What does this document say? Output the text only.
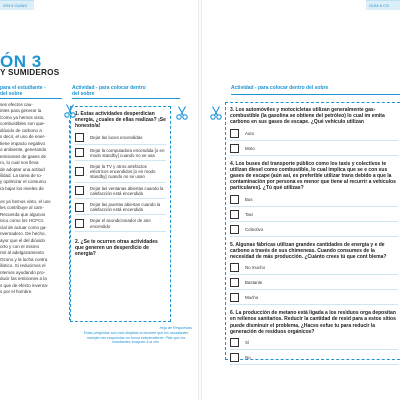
IÓN 5 GUÍAS
ÓN 3
Y SUMIDEROS
para el estudiante -
del sobre
ses efectos cau-
intes para generar la
Como ya hemos visto,
combustibles son que-
dióxido de carbono a
s decir, el uso de ener-
tiene impacto negativo
o ambiente, generando
emisiones de gases de
ro, lo cual nos lleva
de adoptar una actitud
ilidad. La tarea de to-
y optimizar el consumo
ra bajar los niveles de

os ya hemos visto, el uso
les contribuye al cam-
Recuerda que algunos
nico como los HCFCs
cial de actuar como ga-
nvernadero. De hecho,
ayor que el del dióxido
orto y con el mismo
ntir al adelgazamiento
Ozono y la lucha contra
ilistico. Si reducimos el
ntemos ayudando pro-
ducir las emisiones a la
s que de efecto inverna-
s por el hombre.
Actividad - para colocar dentro
del sobre
1. Estas actividades desperdician energía, ¿cuales de ellas realizas? ¡Se honesto/a!
Dejar las luces encendidas
Dejar la computadora encendida [o en modo standby] cuando no se usa
Dejar la TV y otros artefactos eléctricos encendidos [o en modo standby] cuando no se usan
Dejar las ventanas abiertas cuando la calefacción está encendida
Dejar las puertas abiertas cuando la calefacción está encendida
Dejar el acondicionador de aire encendido
2. ¿Se te ocurren otras actividades que generen un desperdicio de energía?
Hoja de Respuestas
Estas preguntas son más dirigidas al docente que los estudiantes manejen las respuestas en forma independiente. Pide que los estudiantes busquen a la vez.
GUÍA 5 CO
Actividad - para colocar dentro del sobre
3. Los automóviles y motocicletas utilizan generalmente gas- combustible (la gasolina se obtiene del petróleo) lo cual im emita carbono en sus gases de escape. ¿Qué vehículo utilizan
Auto
Moto
4. Los buses del transporte público como los taxis y colectivos te utilizan diesel como combustible, lo cual implica que se e con sus gases de escape (aún así, es preferible utilizar trans debido a que la contaminación por persona es menor que tiene al recurrir a vehículos particulares). ¿Tú qué utilizas?
Bus
Taxi
Colectivo
5. Algunas fábricas utilizan grandes cantidades de energía y e de carbono a través de sus chimeneas. Cuando consumes de la necesidad de más producción. ¿Cuánto crees tú que cont blema?
No mucho
Bastante
Mucho
6. La producción de metano está ligada a los residuos orga depositan en rellenos sanitarios. Reducir la cantidad de resid para a estos sitios puede disminuir el problema, ¿Haces esfue tu para reducir la generación de residuos orgánicos?
Sí
No
